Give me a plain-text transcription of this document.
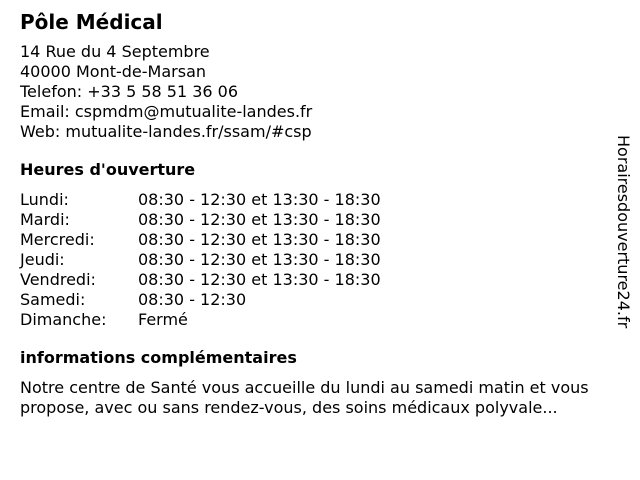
Pôle Médical
14 Rue du 4 Septembre
40000 Mont-de-Marsan
Telefon: +33 5 58 51 36 06
Email: cspmdm@mutualite-landes.fr
Web: mutualite-landes.fr/ssam/#csp
Heures d'ouverture
Lundi:	08:30 - 12:30 et 13:30 - 18:30
Mardi:	08:30 - 12:30 et 13:30 - 18:30
Mercredi:	08:30 - 12:30 et 13:30 - 18:30
Jeudi:	08:30 - 12:30 et 13:30 - 18:30
Vendredi:	08:30 - 12:30 et 13:30 - 18:30
Samedi:	08:30 - 12:30
Dimanche:	Fermé
informations complémentaires
Notre centre de Santé vous accueille du lundi au samedi matin et vous propose, avec ou sans rendez-vous, des soins médicaux polyvale...
Horairesdouverture24.fr
